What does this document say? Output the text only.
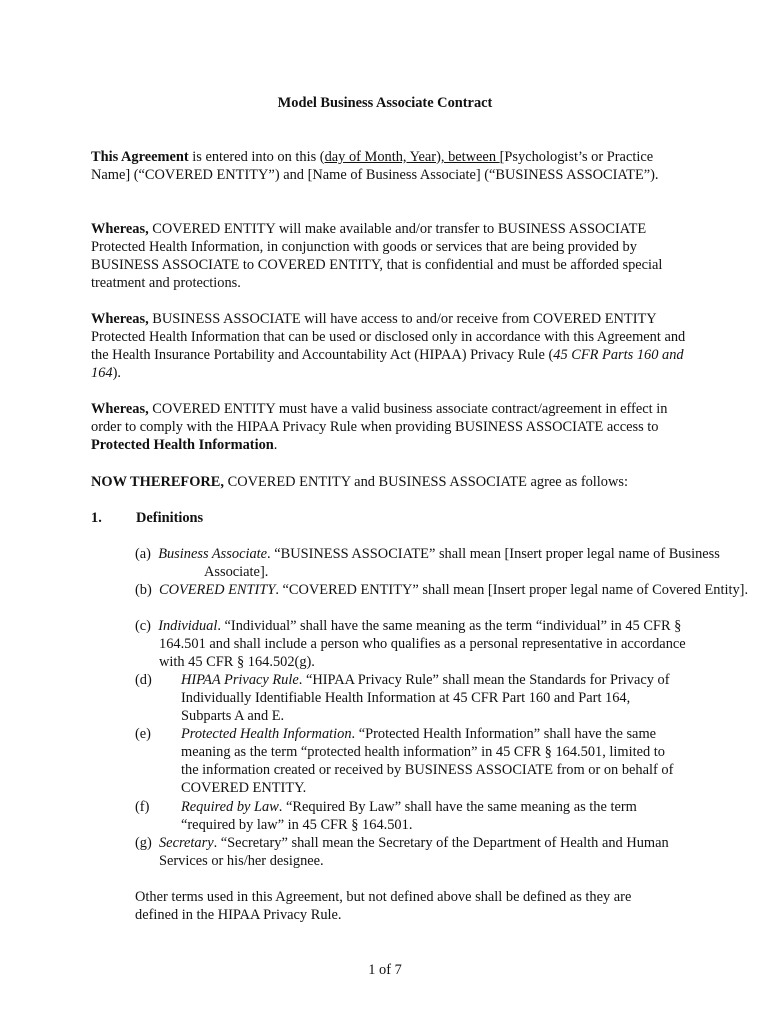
Model Business Associate Contract

This Agreement is entered into on this (day of Month, Year), between [Psychologist’s or Practice Name] (“COVERED ENTITY”) and [Name of Business Associate] (“BUSINESS ASSOCIATE”).

Whereas, COVERED ENTITY will make available and/or transfer to BUSINESS ASSOCIATE Protected Health Information, in conjunction with goods or services that are being provided by BUSINESS ASSOCIATE to COVERED ENTITY, that is confidential and must be afforded special treatment and protections.

Whereas, BUSINESS ASSOCIATE will have access to and/or receive from COVERED ENTITY Protected Health Information that can be used or disclosed only in accordance with this Agreement and the Health Insurance Portability and Accountability Act (HIPAA) Privacy Rule (45 CFR Parts 160 and 164).

Whereas, COVERED ENTITY must have a valid business associate contract/agreement in effect in order to comply with the HIPAA Privacy Rule when providing BUSINESS ASSOCIATE access to Protected Health Information.

NOW THEREFORE, COVERED ENTITY and BUSINESS ASSOCIATE agree as follows:

1. Definitions

(a) Business Associate. “BUSINESS ASSOCIATE” shall mean [Insert proper legal name of Business Associate].

(b) COVERED ENTITY. “COVERED ENTITY” shall mean [Insert proper legal name of Covered Entity].

(c) Individual. “Individual” shall have the same meaning as the term “individual” in 45 CFR § 164.501 and shall include a person who qualifies as a personal representative in accordance with 45 CFR § 164.502(g).

(d) HIPAA Privacy Rule. “HIPAA Privacy Rule” shall mean the Standards for Privacy of Individually Identifiable Health Information at 45 CFR Part 160 and Part 164, Subparts A and E.

(e) Protected Health Information. “Protected Health Information” shall have the same meaning as the term “protected health information” in 45 CFR § 164.501, limited to the information created or received by BUSINESS ASSOCIATE from or on behalf of COVERED ENTITY.

(f) Required by Law. “Required By Law” shall have the same meaning as the term “required by law” in 45 CFR § 164.501.

(g) Secretary. “Secretary” shall mean the Secretary of the Department of Health and Human Services or his/her designee.

Other terms used in this Agreement, but not defined above shall be defined as they are defined in the HIPAA Privacy Rule.

1 of 7
